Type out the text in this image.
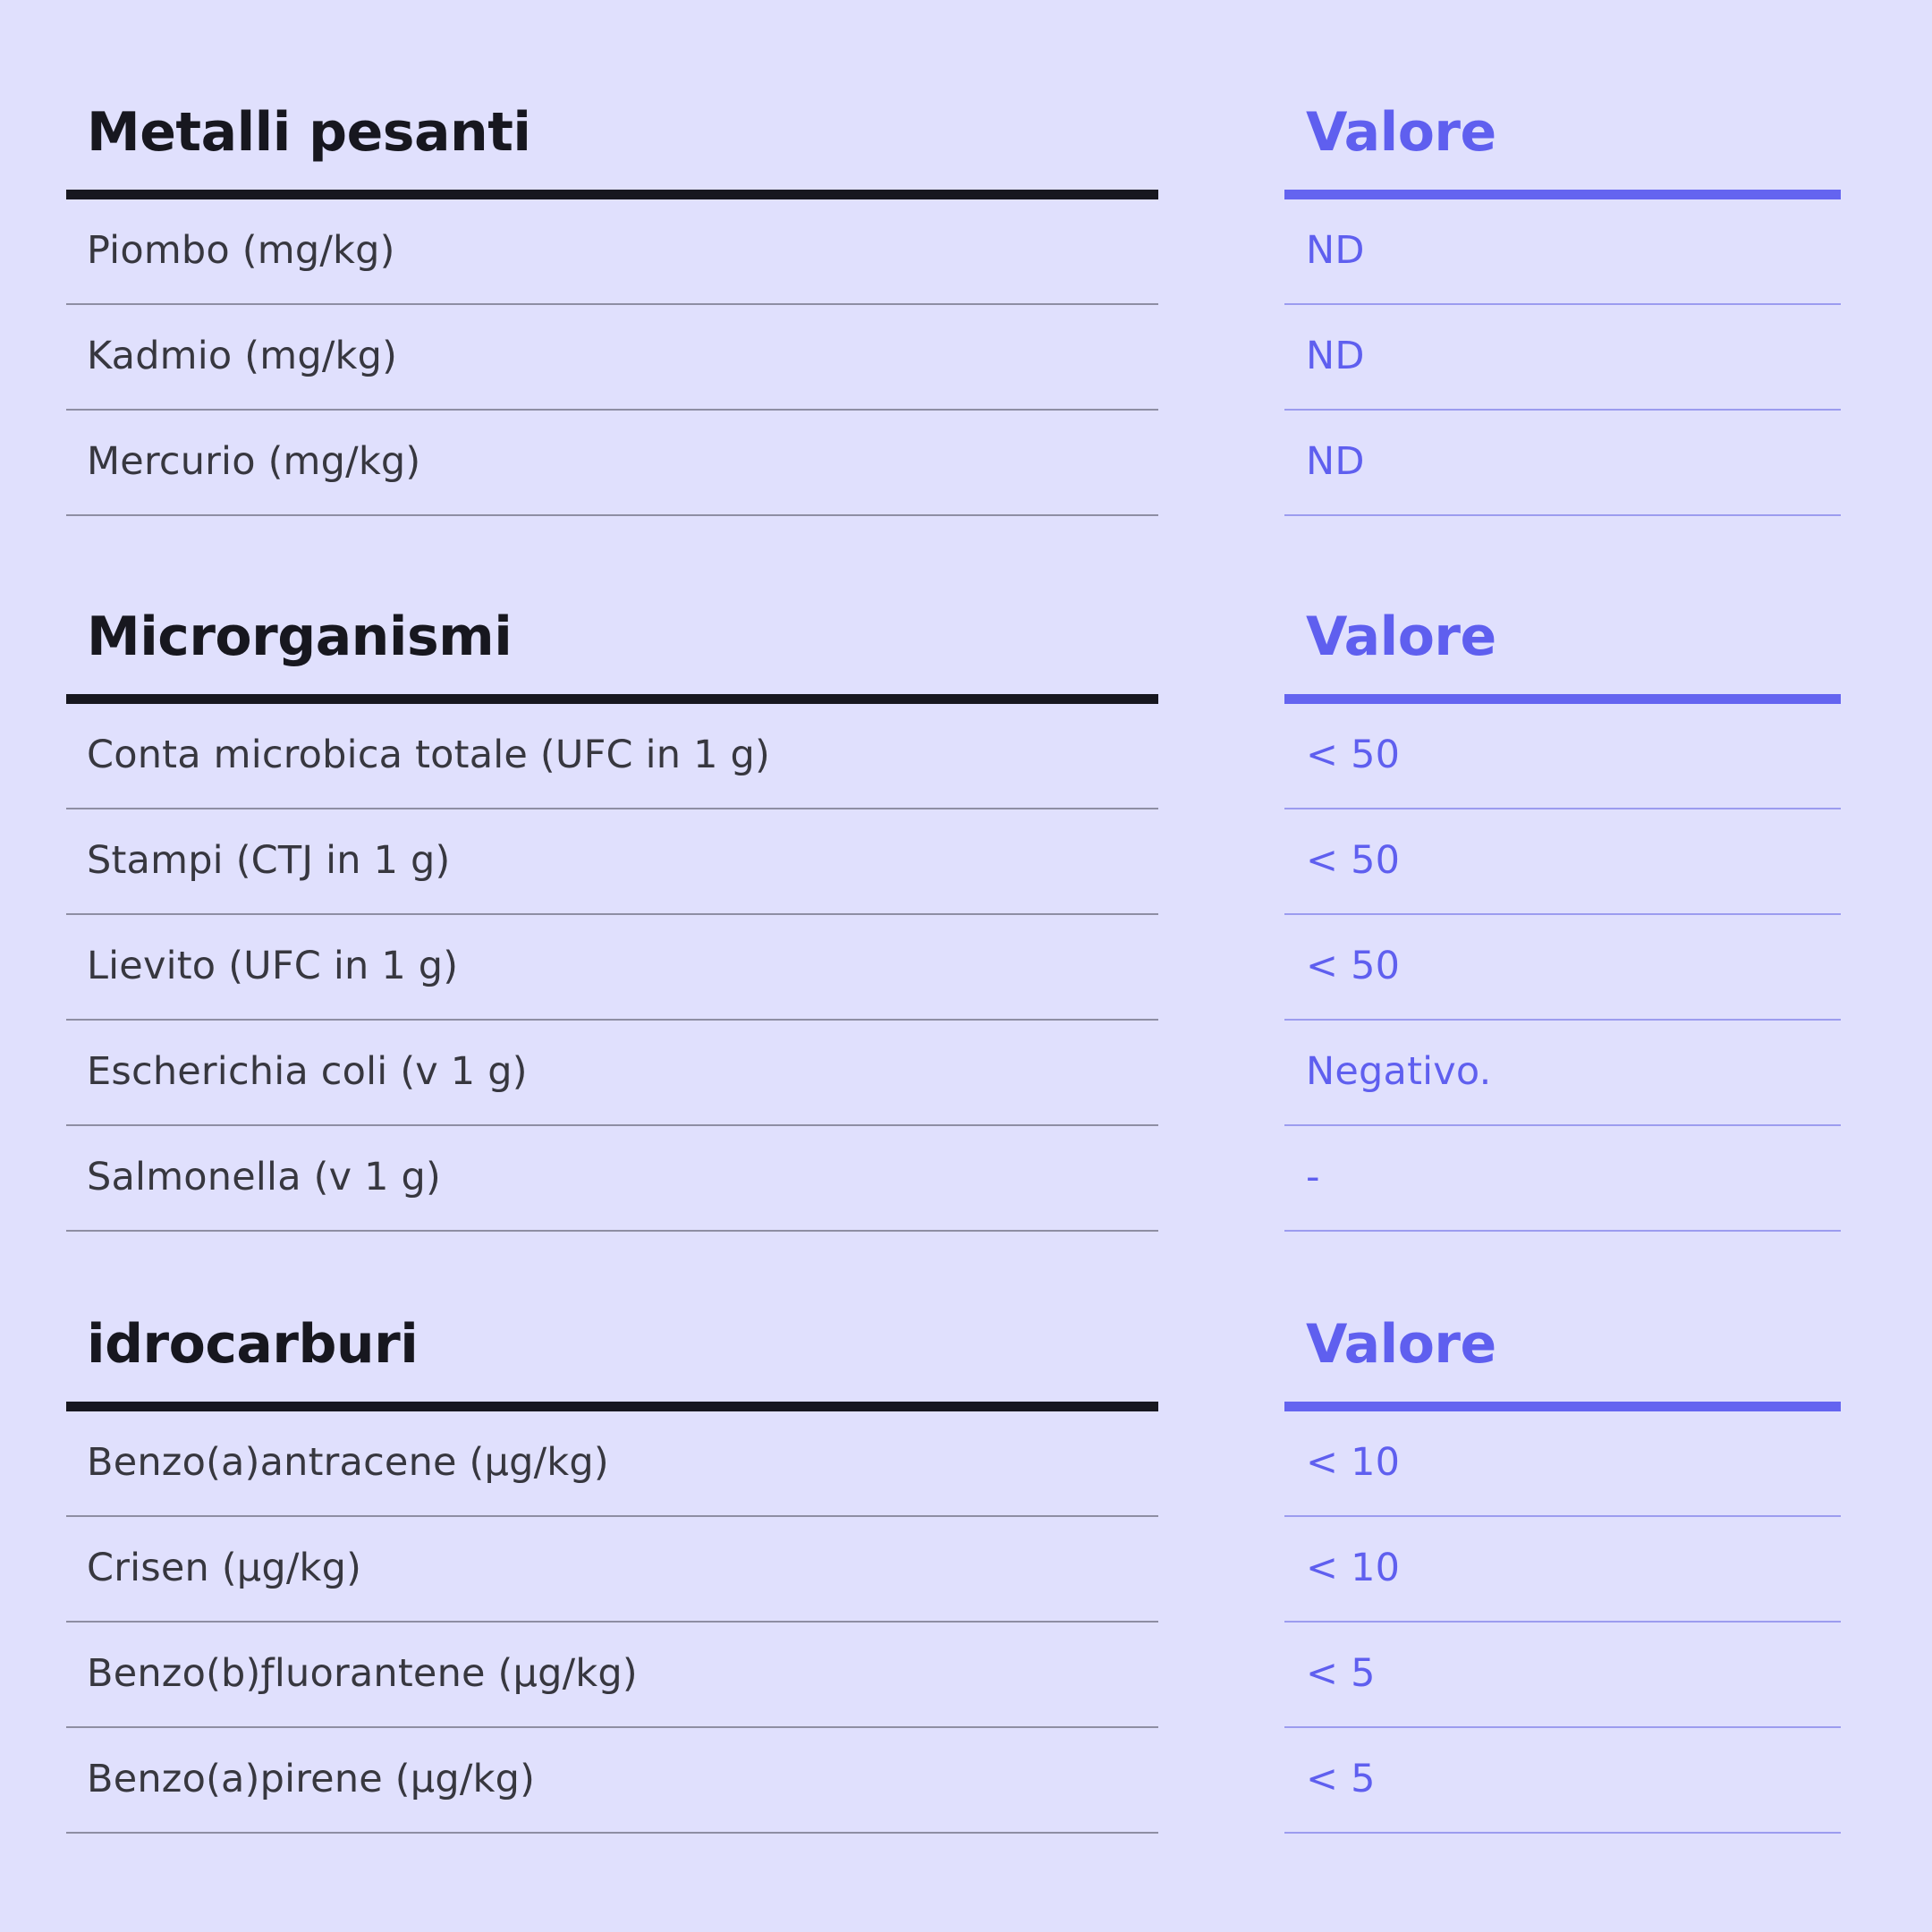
Metalli pesanti
Piombo (mg/kg)
Kadmio (mg/kg)
Mercurio (mg/kg)
Valore
ND
ND
ND
Microrganismi
Conta microbica totale (UFC in 1 g)
Stampi (CTJ in 1 g)
Lievito (UFC in 1 g)
Escherichia coli (v 1 g)
Salmonella (v 1 g)
Valore
< 50
< 50
< 50
Negativo.
-
idrocarburi
Benzo(a)antracene (µg/kg)
Crisen (µg/kg)
Benzo(b)ƒluorantene (µg/kg)
Benzo(a)pirene (µg/kg)
Valore
< 10
< 10
< 5
< 5
